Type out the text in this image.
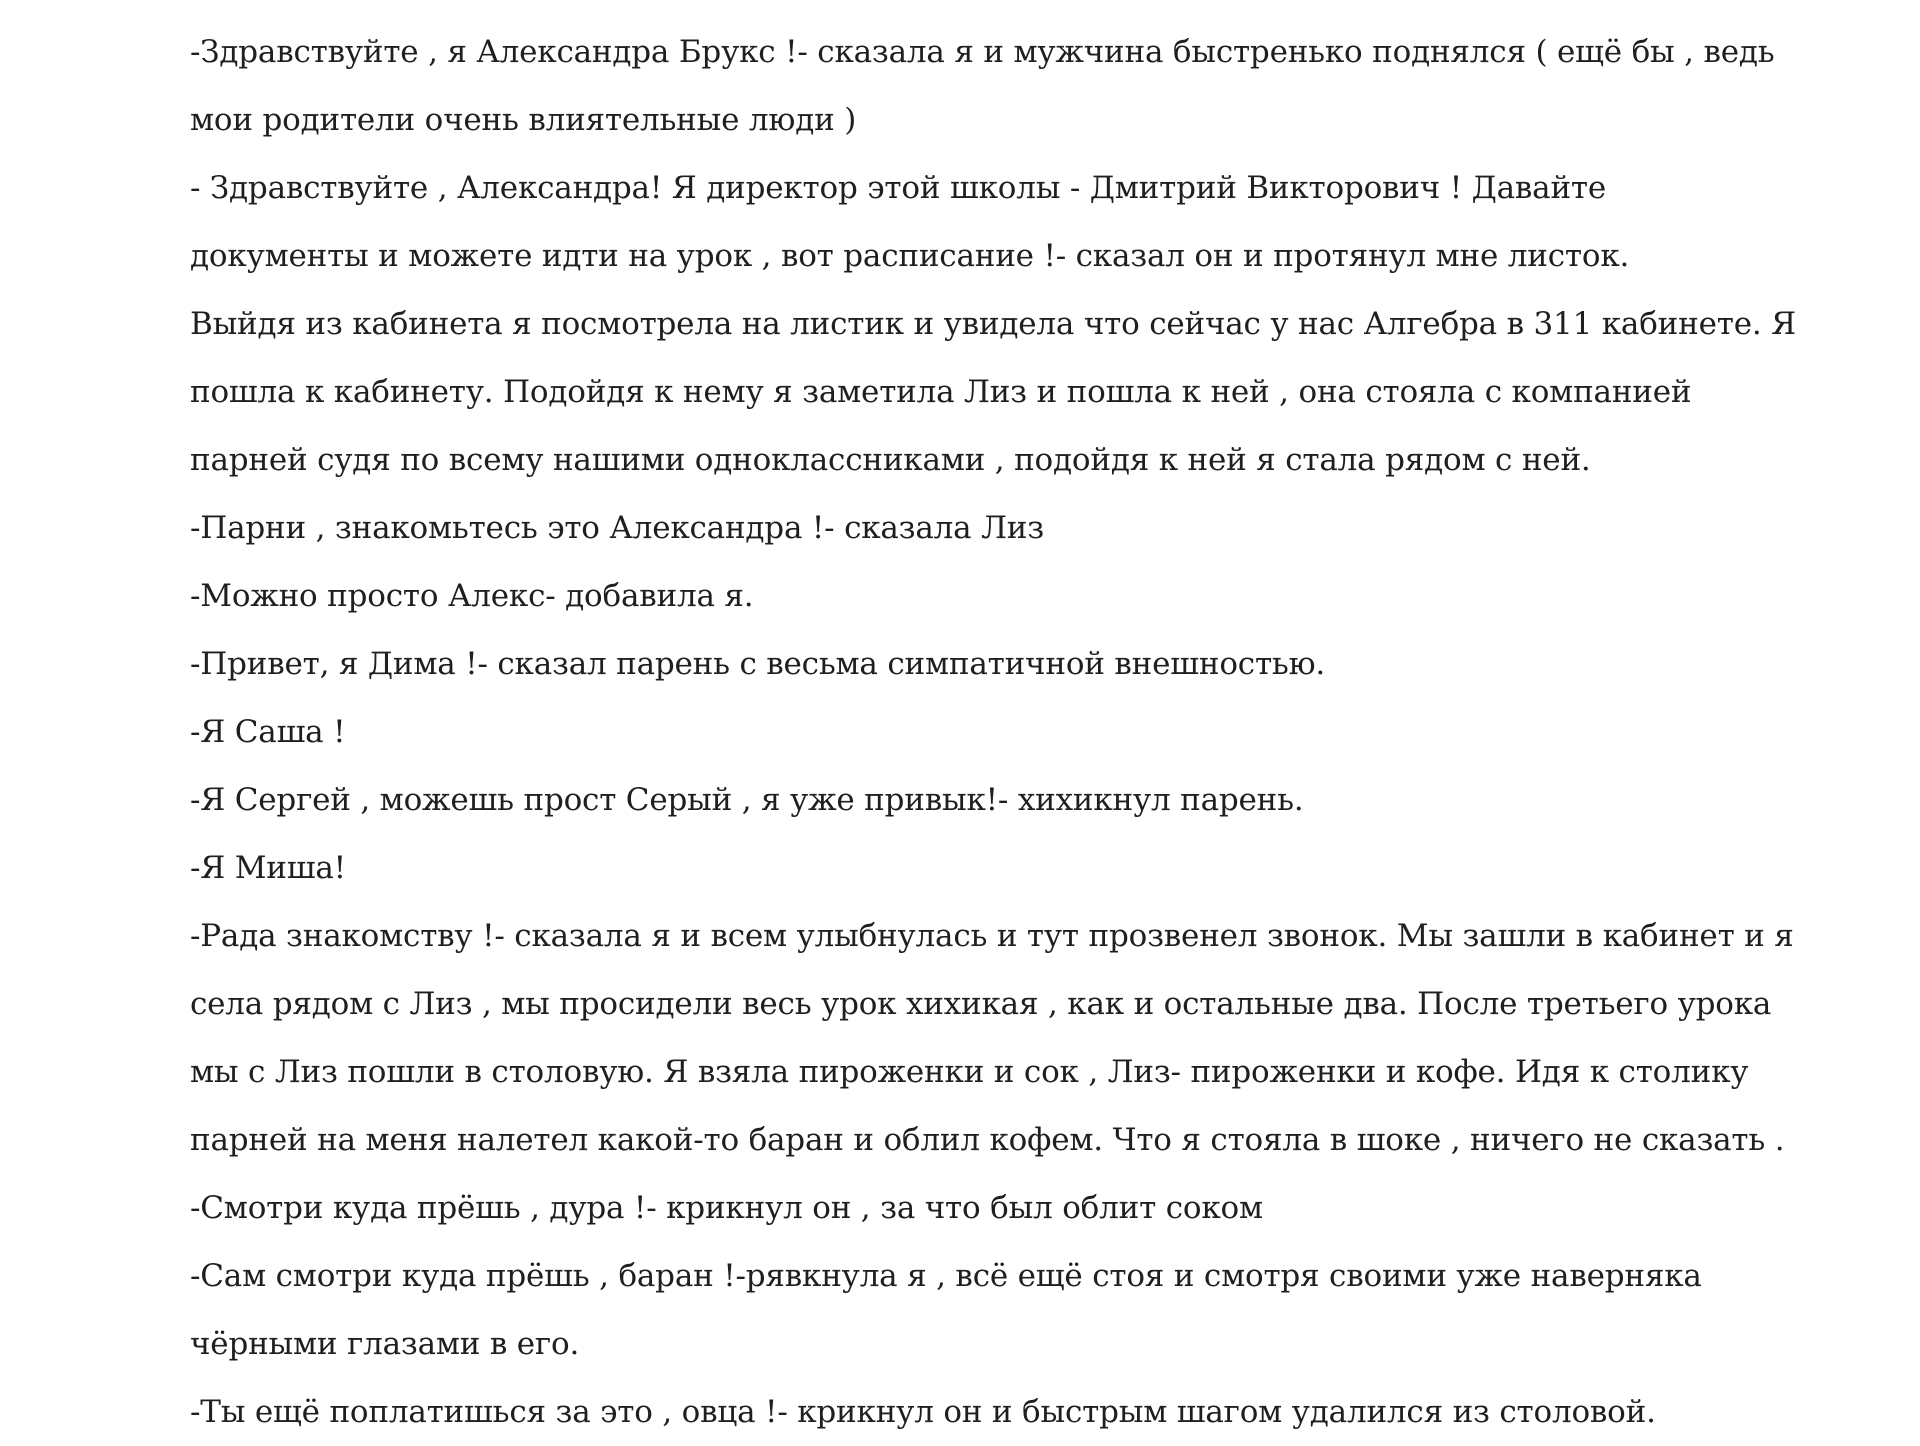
-Здравствуйте , я Александра Брукс !- сказала я и мужчина быстренько поднялся ( ещё бы , ведь
мои родители очень влиятельные люди )
- Здравствуйте , Александра! Я директор этой школы - Дмитрий Викторович ! Давайте
документы и можете идти на урок , вот расписание !- сказал он и протянул мне листок.
Выйдя из кабинета я посмотрела на листик и увидела что сейчас у нас Алгебра в 311 кабинете. Я
пошла к кабинету. Подойдя к нему я заметила Лиз и пошла к ней , она стояла с компанией
парней судя по всему нашими одноклассниками , подойдя к ней я стала рядом с ней.
-Парни , знакомьтесь это Александра !- сказала Лиз
-Можно просто Алекс- добавила я.
-Привет, я Дима !- сказал парень с весьма симпатичной внешностью.
-Я Саша !
-Я Сергей , можешь прост Серый , я уже привык!- хихикнул парень.
-Я Миша!
-Рада знакомству !- сказала я и всем улыбнулась и тут прозвенел звонок. Мы зашли в кабинет и я
села рядом с Лиз , мы просидели весь урок хихикая , как и остальные два. После третьего урока
мы с Лиз пошли в столовую. Я взяла пироженки и сок , Лиз- пироженки и кофе. Идя к столику
парней на меня налетел какой-то баран и облил кофем. Что я стояла в шоке , ничего не сказать .
-Смотри куда прёшь , дура !- крикнул он , за что был облит соком
-Сам смотри куда прёшь , баран !-рявкнула я , всё ещё стоя и смотря своими уже наверняка
чёрными глазами в его.
-Ты ещё поплатишься за это , овца !- крикнул он и быстрым шагом удалился из столовой.
